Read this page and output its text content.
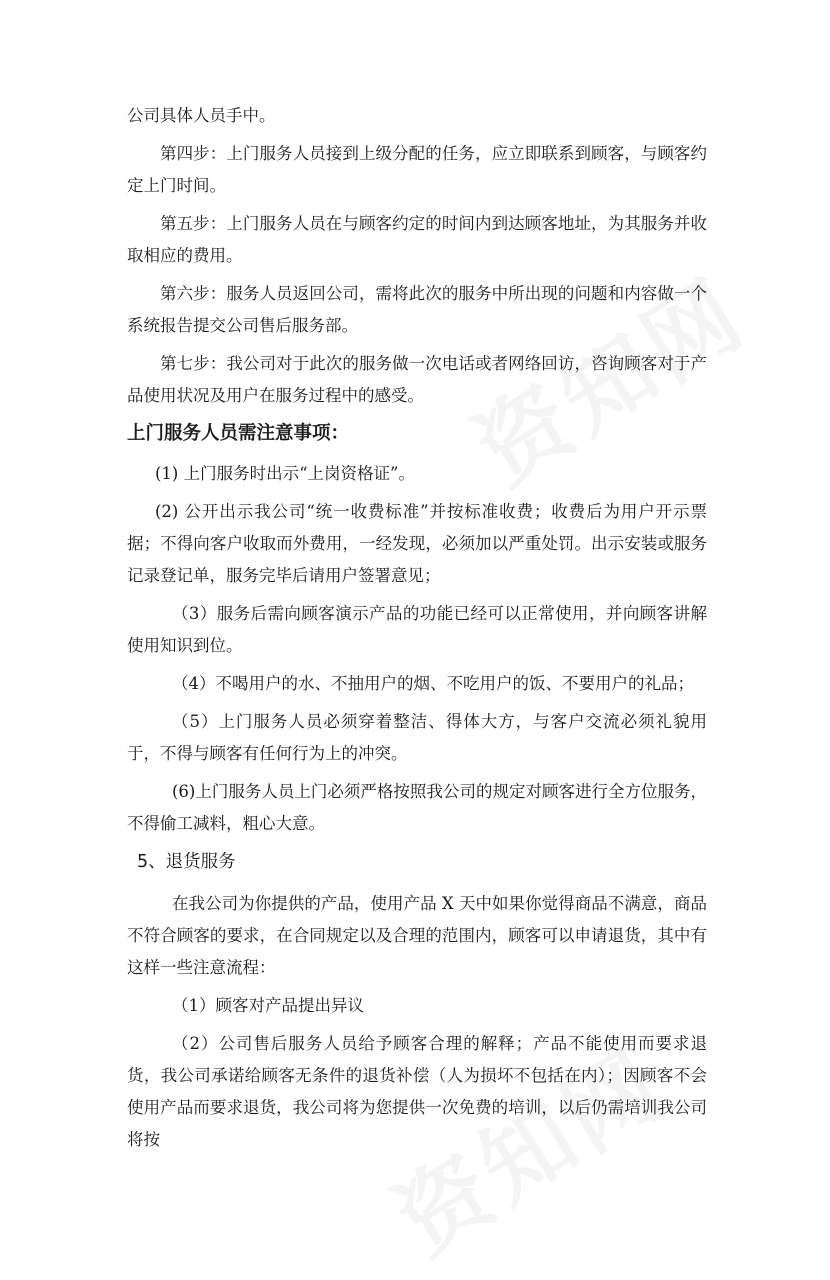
公司具体人员手中。

第四步：上门服务人员接到上级分配的任务，应立即联系到顾客，与顾客约定上门时间。

第五步：上门服务人员在与顾客约定的时间内到达顾客地址，为其服务并收取相应的费用。

第六步：服务人员返回公司，需将此次的服务中所出现的问题和内容做一个系统报告提交公司售后服务部。

第七步：我公司对于此次的服务做一次电话或者网络回访，咨询顾客对于产品使用状况及用户在服务过程中的感受。

上门服务人员需注意事项：

(1) 上门服务时出示“上岗资格证”。

(2) 公开出示我公司“统一收费标准”并按标准收费；收费后为用户开示票据；不得向客户收取而外费用，一经发现，必须加以严重处罚。出示安装或服务记录登记单，服务完毕后请用户签署意见；

（3）服务后需向顾客演示产品的功能已经可以正常使用，并向顾客讲解使用知识到位。

（4）不喝用户的水、不抽用户的烟、不吃用户的饭、不要用户的礼品；

（5）上门服务人员必须穿着整洁、得体大方，与客户交流必须礼貌用于，不得与顾客有任何行为上的冲突。

(6)上门服务人员上门必须严格按照我公司的规定对顾客进行全方位服务，不得偷工减料，粗心大意。

5、退货服务

在我公司为你提供的产品，使用产品 X 天中如果你觉得商品不满意，商品不符合顾客的要求，在合同规定以及合理的范围内，顾客可以申请退货，其中有这样一些注意流程：

（1）顾客对产品提出异议

（2）公司售后服务人员给予顾客合理的解释；产品不能使用而要求退货，我公司承诺给顾客无条件的退货补偿（人为损坏不包括在内）；因顾客不会使用产品而要求退货，我公司将为您提供一次免费的培训，以后仍需培训我公司将按
